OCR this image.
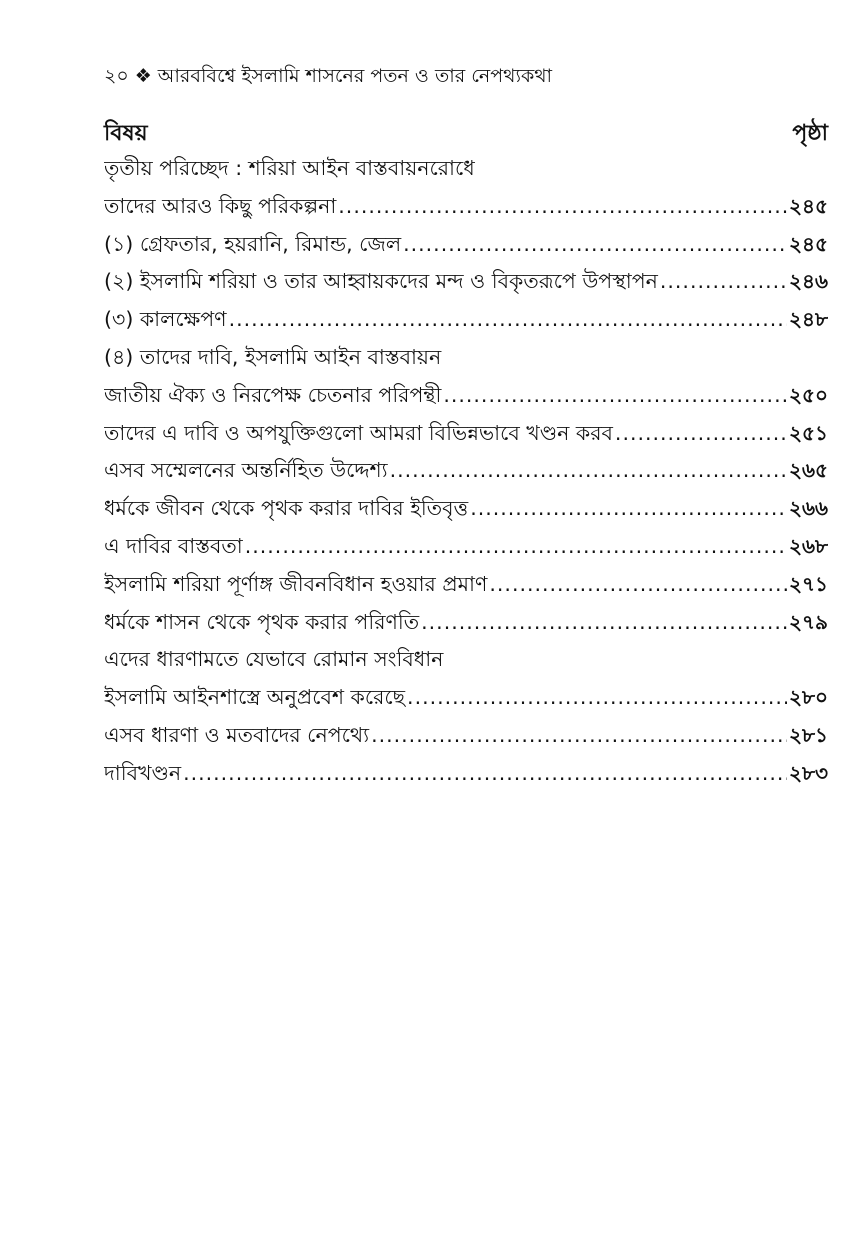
২০ ❖ আরববিশ্বে ইসলামি শাসনের পতন ও তার নেপথ্যকথা
বিষয়	পৃষ্ঠা
তৃতীয় পরিচ্ছেদ : শরিয়া আইন বাস্তবায়নরোধে
তাদের আরও কিছু পরিকল্পনা .....	২৪৫
(১) গ্রেফতার, হয়রানি, রিমান্ড, জেল .....	২৪৫
(২) ইসলামি শরিয়া ও তার আহ্বায়কদের মন্দ ও বিকৃতরূপে উপস্থাপন .....	২৪৬
(৩) কালক্ষেপণ .....	২৪৮
(৪) তাদের দাবি, ইসলামি আইন বাস্তবায়ন
জাতীয় ঐক্য ও নিরপেক্ষ চেতনার পরিপন্থী .....	২৫০
তাদের এ দাবি ও অপযুক্তিগুলো আমরা বিভিন্নভাবে খণ্ডন করব .....	২৫১
এসব সম্মেলনের অন্তর্নিহিত উদ্দেশ্য .....	২৬৫
ধর্মকে জীবন থেকে পৃথক করার দাবির ইতিবৃত্ত .....	২৬৬
এ দাবির বাস্তবতা .....	২৬৮
ইসলামি শরিয়া পূর্ণাঙ্গ জীবনবিধান হওয়ার প্রমাণ .....	২৭১
ধর্মকে শাসন থেকে পৃথক করার পরিণতি .....	২৭৯
এদের ধারণামতে যেভাবে রোমান সংবিধান
ইসলামি আইনশাস্ত্রে অনুপ্রবেশ করেছে .....	২৮০
এসব ধারণা ও মতবাদের নেপথ্যে .....	২৮১
দাবিখণ্ডন .....	২৮৩
